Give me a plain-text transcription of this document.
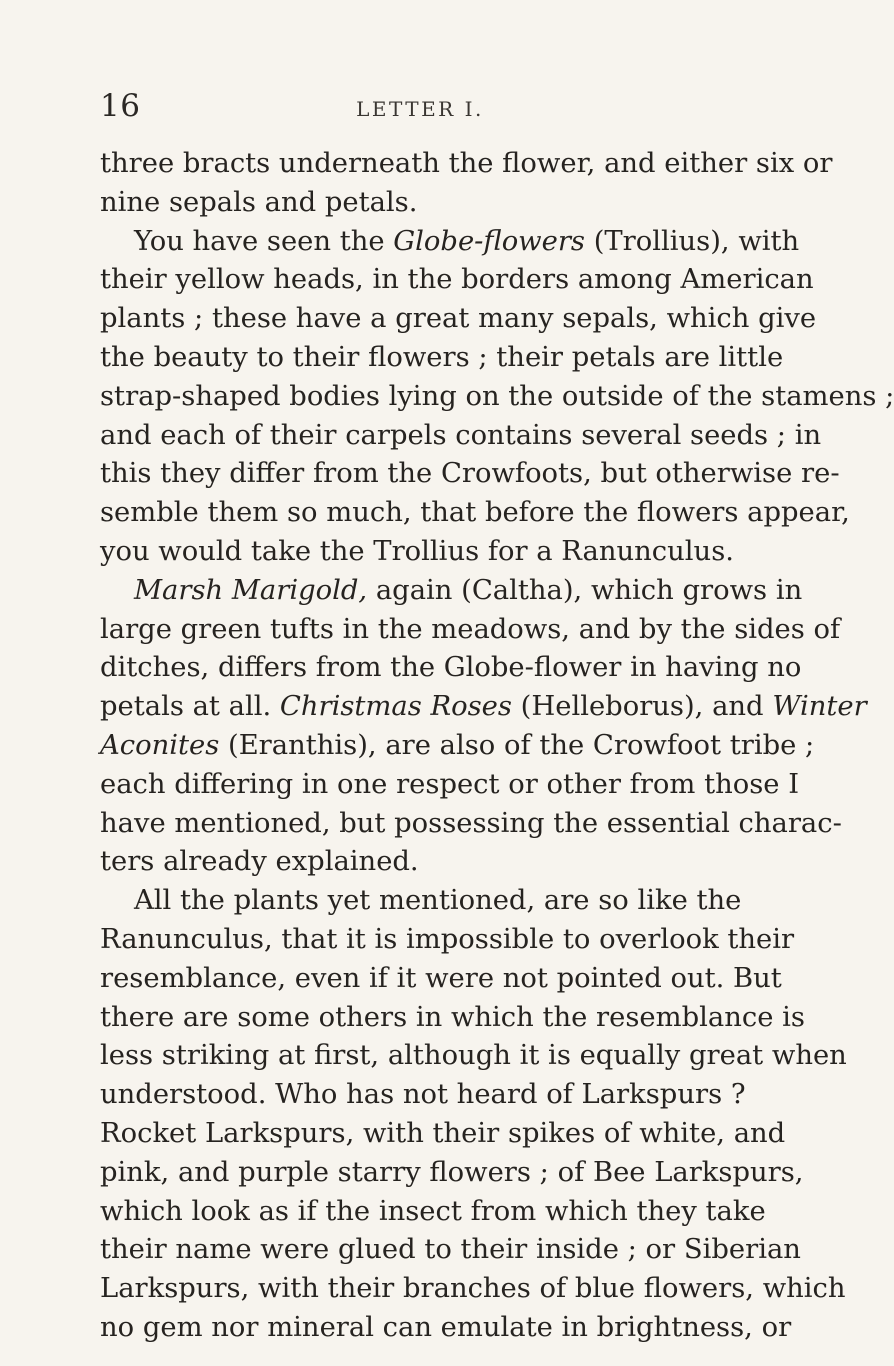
16	LETTER I.
three bracts underneath the flower, and either six or
nine sepals and petals.
You have seen the Globe-flowers (Trollius), with
their yellow heads, in the borders among American
plants ; these have a great many sepals, which give
the beauty to their flowers ; their petals are little
strap-shaped bodies lying on the outside of the stamens ;
and each of their carpels contains several seeds ; in
this they differ from the Crowfoots, but otherwise re-
semble them so much, that before the flowers appear,
you would take the Trollius for a Ranunculus.
Marsh Marigold, again (Caltha), which grows in
large green tufts in the meadows, and by the sides of
ditches, differs from the Globe-flower in having no
petals at all. Christmas Roses (Helleborus), and Winter
Aconites (Eranthis), are also of the Crowfoot tribe ;
each differing in one respect or other from those I
have mentioned, but possessing the essential charac-
ters already explained.
All the plants yet mentioned, are so like the
Ranunculus, that it is impossible to overlook their
resemblance, even if it were not pointed out. But
there are some others in which the resemblance is
less striking at first, although it is equally great when
understood. Who has not heard of Larkspurs ?
Rocket Larkspurs, with their spikes of white, and
pink, and purple starry flowers ; of Bee Larkspurs,
which look as if the insect from which they take
their name were glued to their inside ; or Siberian
Larkspurs, with their branches of blue flowers, which
no gem nor mineral can emulate in brightness, or
